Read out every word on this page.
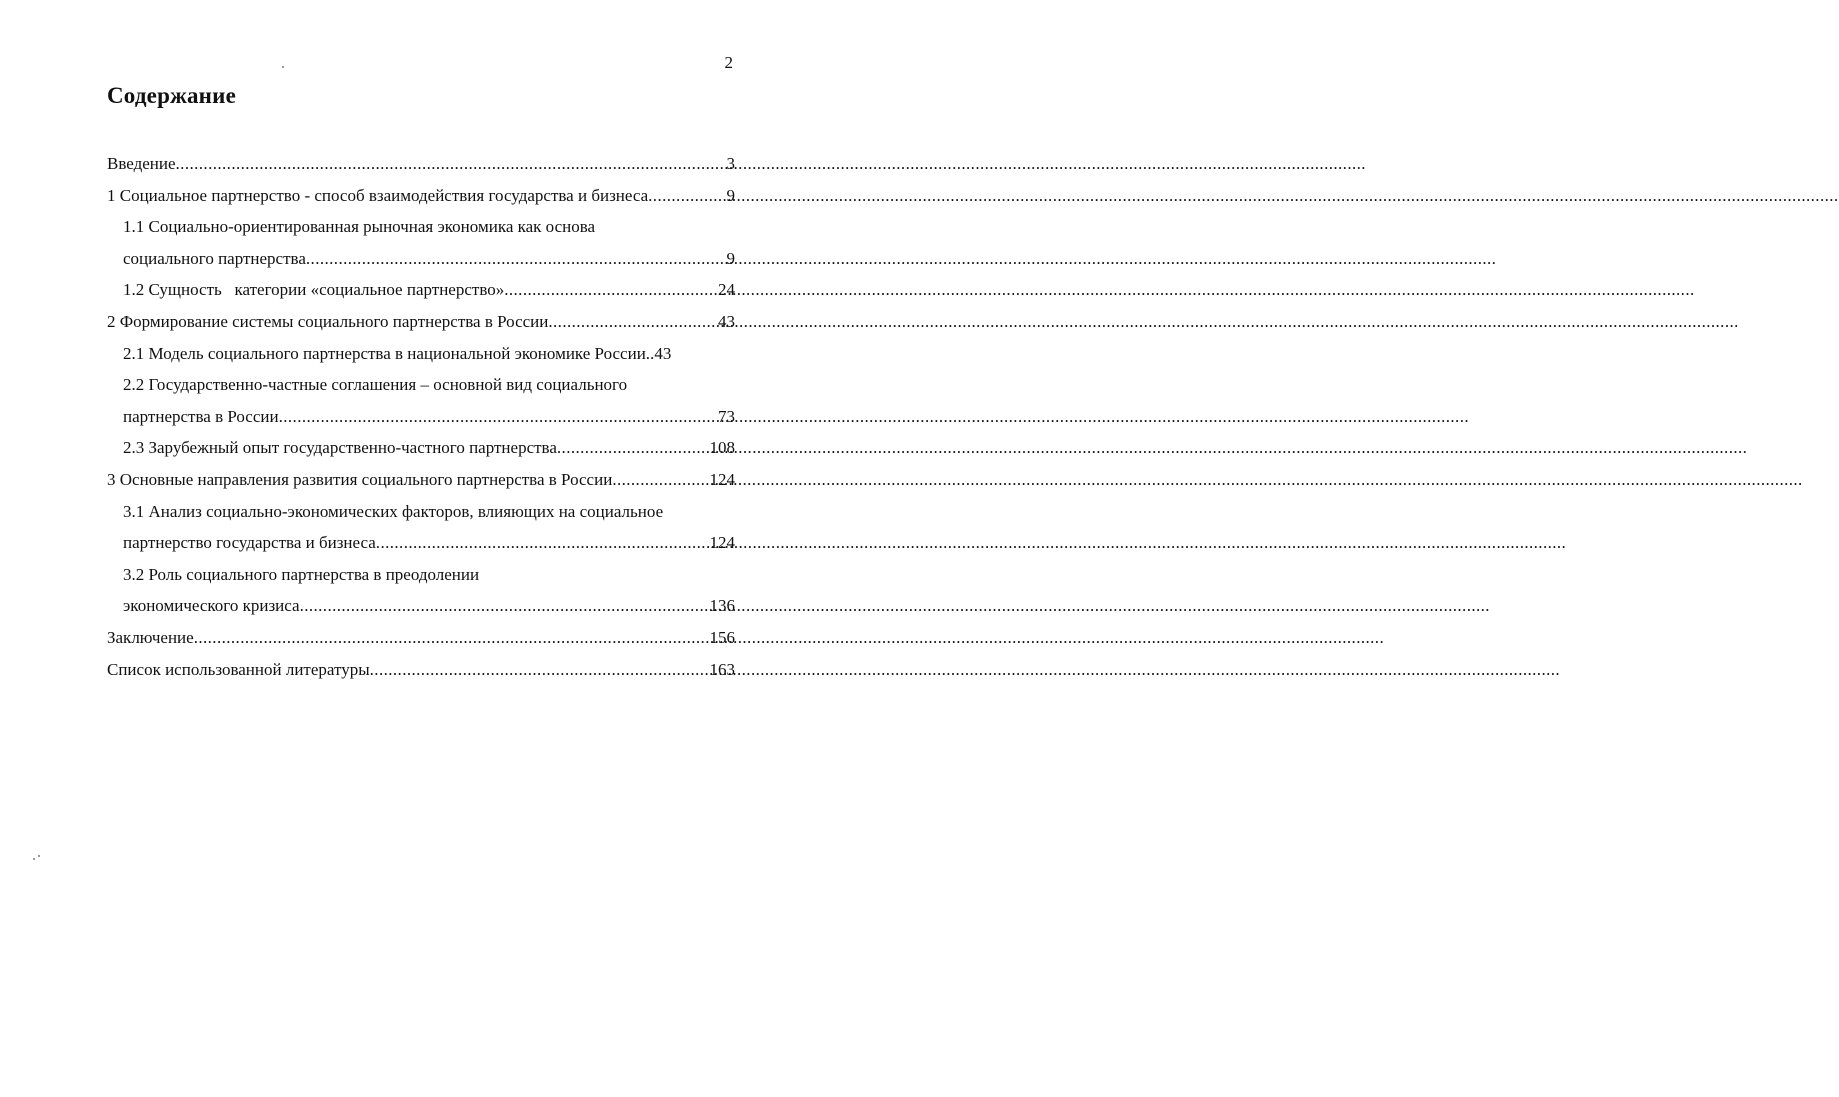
2
Содержание
Введение .....	3
1 Социальное партнерство - способ взаимодействия государства и бизнеса .....	9
1.1 Социально-ориентированная рыночная экономика как основа
социального партнерства .....	9
1.2 Сущность   категории «социальное партнерство» .....	24
2 Формирование системы социального партнерства в России .....	43
2.1 Модель социального партнерства в национальной экономике России.. 43
2.2 Государственно-частные соглашения – основной вид социального
партнерства в России .....	73
2.3 Зарубежный опыт государственно-частного партнерства .....	108
3 Основные направления развития социального партнерства в России .....	124
3.1 Анализ социально-экономических факторов, влияющих на социальное
партнерство государства и бизнеса .....	124
3.2 Роль социального партнерства в преодолении
экономического кризиса .....	136
Заключение .....	156
Список использованной литературы .....	163
